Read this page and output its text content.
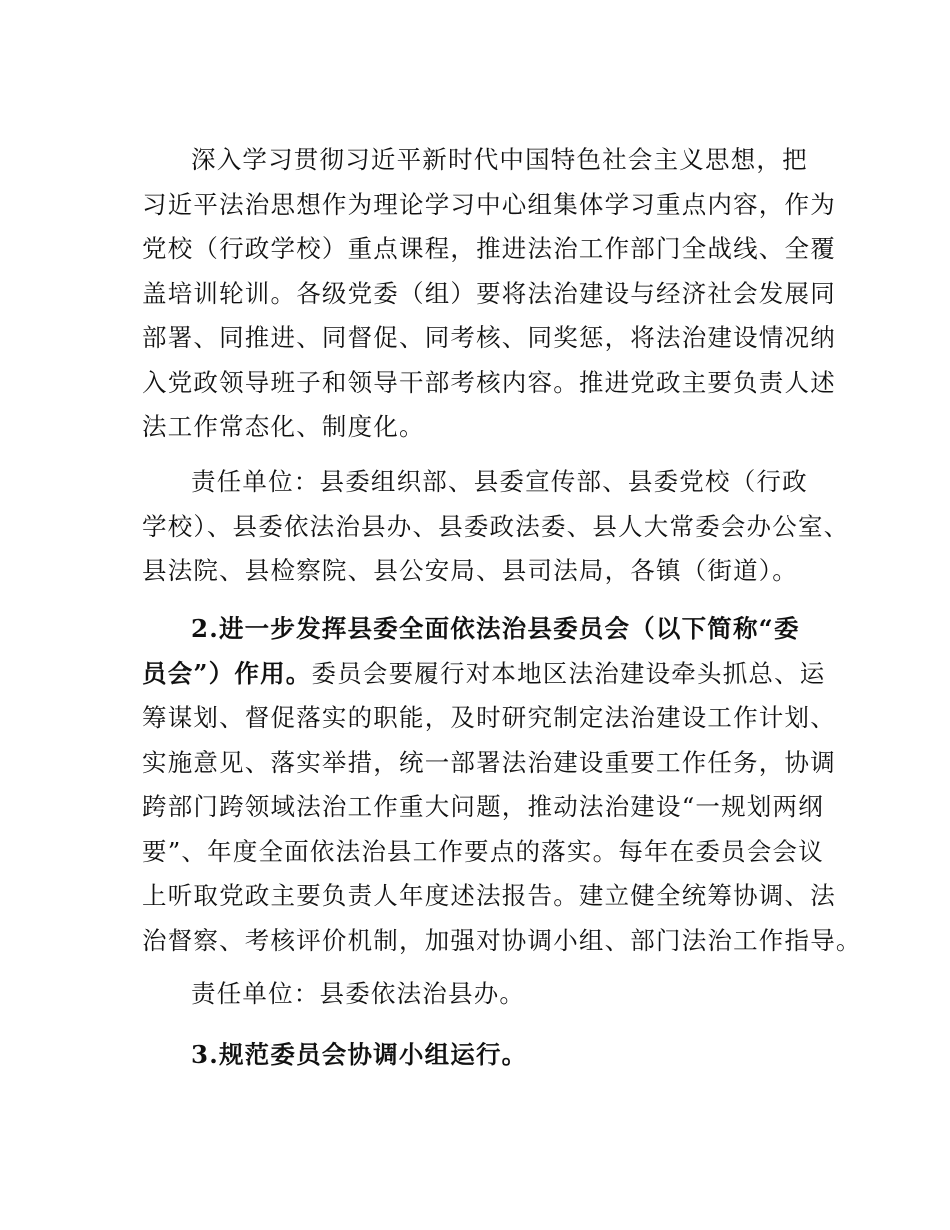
深入学习贯彻习近平新时代中国特色社会主义思想，把
习近平法治思想作为理论学习中心组集体学习重点内容，作为
党校（行政学校）重点课程，推进法治工作部门全战线、全覆
盖培训轮训。各级党委（组）要将法治建设与经济社会发展同
部署、同推进、同督促、同考核、同奖惩，将法治建设情况纳
入党政领导班子和领导干部考核内容。推进党政主要负责人述
法工作常态化、制度化。
责任单位：县委组织部、县委宣传部、县委党校（行政
学校）、县委依法治县办、县委政法委、县人大常委会办公室、
县法院、县检察院、县公安局、县司法局，各镇（街道）。
2.进一步发挥县委全面依法治县委员会（以下简称“委
员会”）作用。委员会要履行对本地区法治建设牵头抓总、运
筹谋划、督促落实的职能，及时研究制定法治建设工作计划、
实施意见、落实举措，统一部署法治建设重要工作任务，协调
跨部门跨领域法治工作重大问题，推动法治建设“一规划两纲
要”、年度全面依法治县工作要点的落实。每年在委员会会议
上听取党政主要负责人年度述法报告。建立健全统筹协调、法
治督察、考核评价机制，加强对协调小组、部门法治工作指导。
责任单位：县委依法治县办。
3.规范委员会协调小组运行。
